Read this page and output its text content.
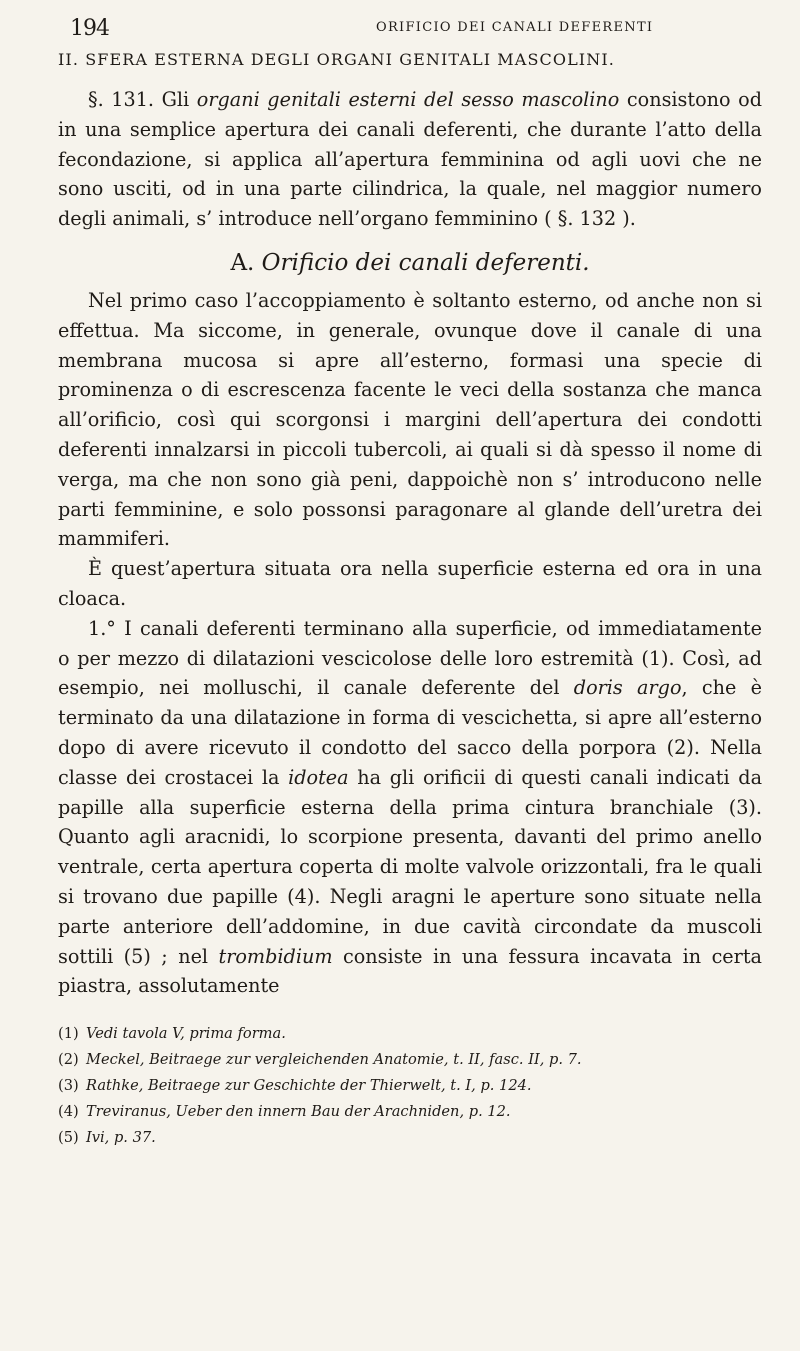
194	ORIFICIO DEI CANALI DEFERENTI
II. SFERA ESTERNA DEGLI ORGANI GENITALI MASCOLINI.

§. 131. Gli organi genitali esterni del sesso mascolino consistono od in una semplice apertura dei canali deferenti, che durante l’atto della fecondazione, si applica all’apertura femminina od agli uovi che ne sono usciti, od in una parte cilindrica, la quale, nel maggior numero degli animali, s’ introduce nell’organo femminino ( §. 132 ).

A. Orificio dei canali deferenti.

Nel primo caso l’accoppiamento è soltanto esterno, od anche non si effettua. Ma siccome, in generale, ovunque dove il canale di una membrana mucosa si apre all’esterno, formasi una specie di prominenza o di escrescenza facente le veci della sostanza che manca all’orificio, così qui scorgonsi i margini dell’apertura dei condotti deferenti innalzarsi in piccoli tubercoli, ai quali si dà spesso il nome di verga, ma che non sono già peni, dappoichè non s’ introducono nelle parti femminine, e solo possonsi paragonare al glande dell’uretra dei mammiferi.

È quest’apertura situata ora nella superficie esterna ed ora in una cloaca.

1.° I canali deferenti terminano alla superficie, od immediatamente o per mezzo di dilatazioni vescicolose delle loro estremità (1). Così, ad esempio, nei molluschi, il canale deferente del doris argo, che è terminato da una dilatazione in forma di vescichetta, si apre all’esterno dopo di avere ricevuto il condotto del sacco della porpora (2). Nella classe dei crostacei la idotea ha gli orificii di questi canali indicati da papille alla superficie esterna della prima cintura branchiale (3). Quanto agli aracnidi, lo scorpione presenta, davanti del primo anello ventrale, certa apertura coperta di molte valvole orizzontali, fra le quali si trovano due papille (4). Negli aragni le aperture sono situate nella parte anteriore dell’addomine, in due cavità circondate da muscoli sottili (5) ; nel trombidium consiste in una fessura incavata in certa piastra, assolutamente

(1) Vedi tavola V, prima forma.
(2) Meckel, Beitraege zur vergleichenden Anatomie, t. II, fasc. II, p. 7.
(3) Rathke, Beitraege zur Geschichte der Thierwelt, t. I, p. 124.
(4) Treviranus, Ueber den innern Bau der Arachniden, p. 12.
(5) Ivi, p. 37.
